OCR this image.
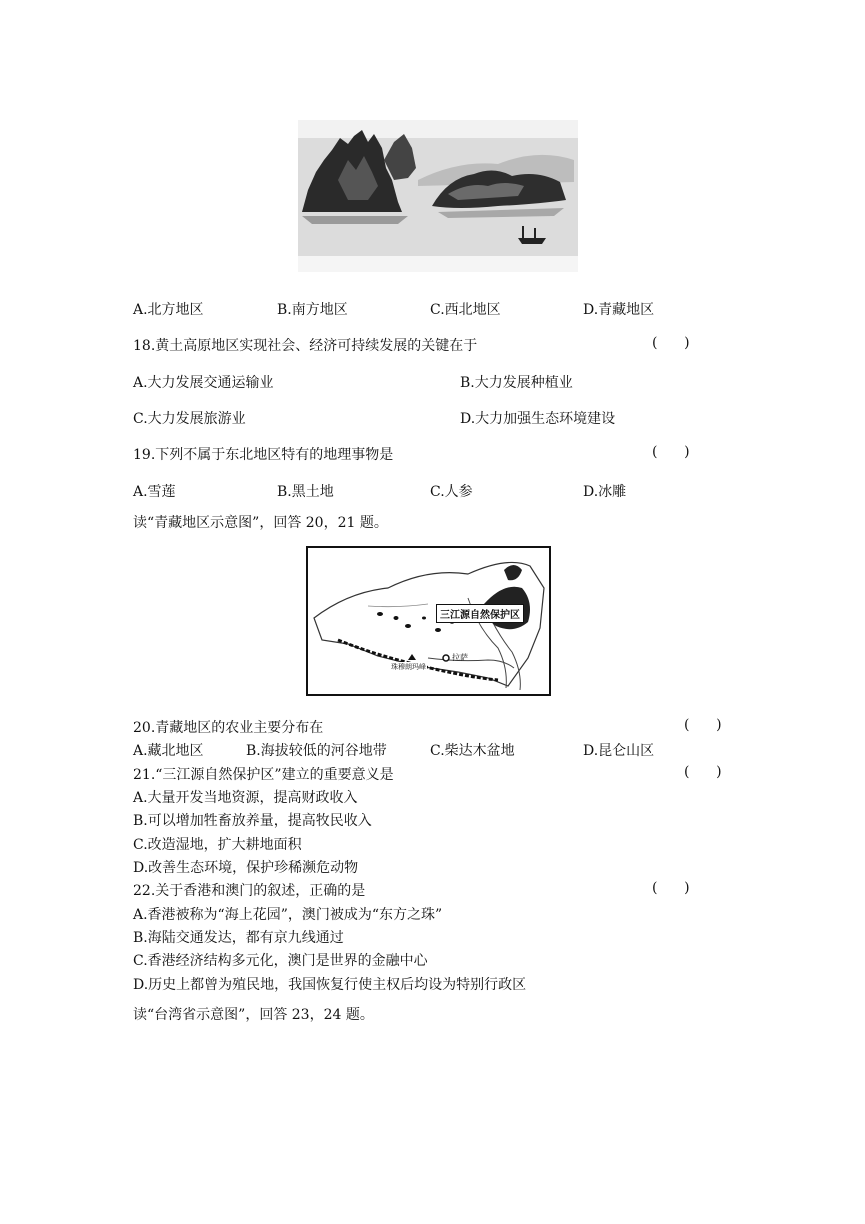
A.北方地区	B.南方地区	C.西北地区	D.青藏地区
18.黄土高原地区实现社会、经济可持续发展的关键在于	(      )
A.大力发展交通运输业	B.大力发展种植业
C.大力发展旅游业	D.大力加强生态环境建设
19.下列不属于东北地区特有的地理事物是	(      )
A.雪莲	B.黑土地	C.人参	D.冰雕
读“青藏地区示意图”，回答 20，21 题。
三江源自然保护区
珠穆朗玛峰
拉萨
20.青藏地区的农业主要分布在	(      )
A.藏北地区	B.海拔较低的河谷地带	C.柴达木盆地	D.昆仑山区
21.“三江源自然保护区”建立的重要意义是	(      )
A.大量开发当地资源，提高财政收入
B.可以增加牲畜放养量，提高牧民收入
C.改造湿地，扩大耕地面积
D.改善生态环境，保护珍稀濒危动物
22.关于香港和澳门的叙述，正确的是	(      )
A.香港被称为“海上花园”，澳门被成为“东方之珠”
B.海陆交通发达，都有京九线通过
C.香港经济结构多元化，澳门是世界的金融中心
D.历史上都曾为殖民地，我国恢复行使主权后均设为特别行政区
读“台湾省示意图”，回答 23，24 题。
